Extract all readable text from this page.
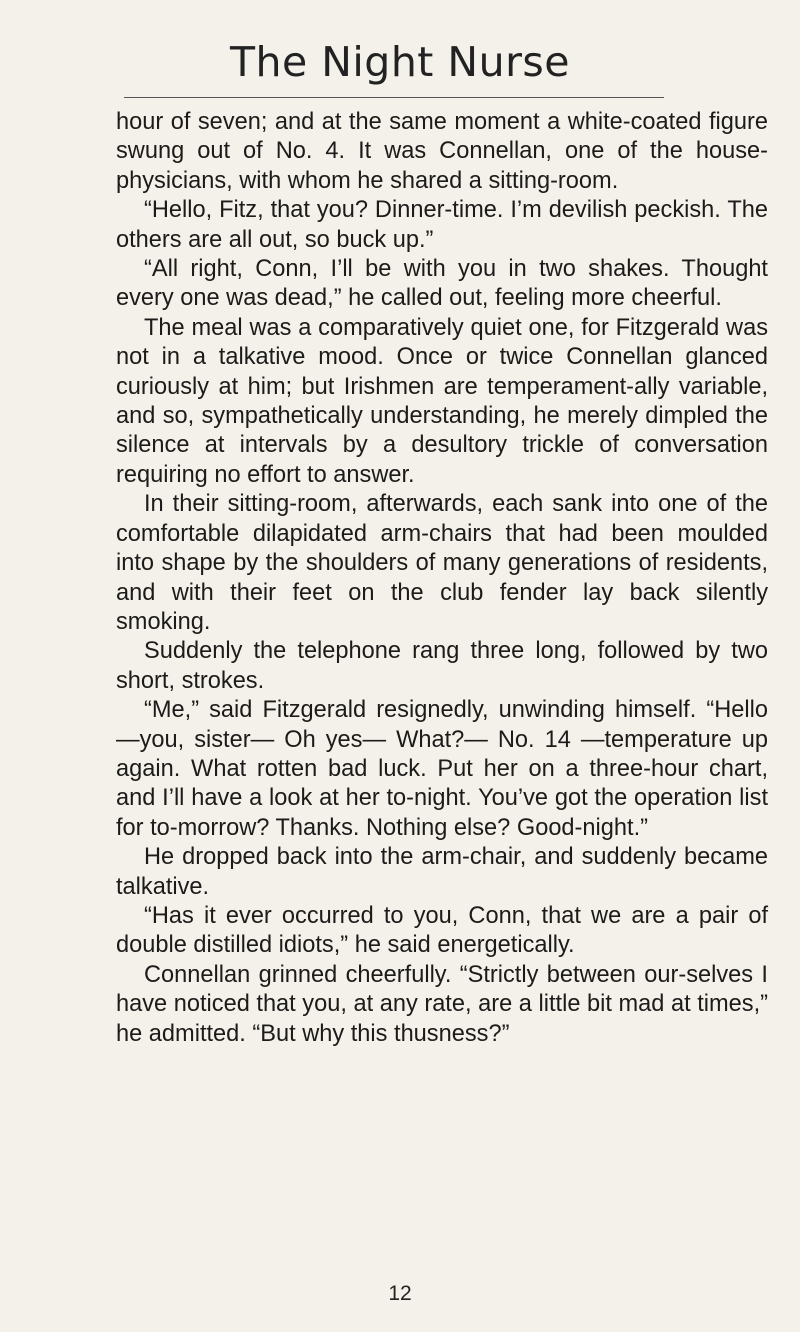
The Night Nurse

hour of seven; and at the same moment a white-coated figure swung out of No. 4. It was Connellan, one of the house-physicians, with whom he shared a sitting-room.

“Hello, Fitz, that you? Dinner-time. I’m devilish peckish. The others are all out, so buck up.”

“All right, Conn, I’ll be with you in two shakes. Thought every one was dead,” he called out, feeling more cheerful.

The meal was a comparatively quiet one, for Fitzgerald was not in a talkative mood. Once or twice Connellan glanced curiously at him; but Irishmen are temperament-ally variable, and so, sympathetically understanding, he merely dimpled the silence at intervals by a desultory trickle of conversation requiring no effort to answer.

In their sitting-room, afterwards, each sank into one of the comfortable dilapidated arm-chairs that had been moulded into shape by the shoulders of many generations of residents, and with their feet on the club fender lay back silently smoking.

Suddenly the telephone rang three long, followed by two short, strokes.

“Me,” said Fitzgerald resignedly, unwinding himself. “Hello—you, sister— Oh yes— What?— No. 14 —temperature up again. What rotten bad luck. Put her on a three-hour chart, and I’ll have a look at her to-night. You’ve got the operation list for to-morrow? Thanks. Nothing else? Good-night.”

He dropped back into the arm-chair, and suddenly became talkative.

“Has it ever occurred to you, Conn, that we are a pair of double distilled idiots,” he said energetically.

Connellan grinned cheerfully. “Strictly between our-selves I have noticed that you, at any rate, are a little bit mad at times,” he admitted. “But why this thusness?”

12
